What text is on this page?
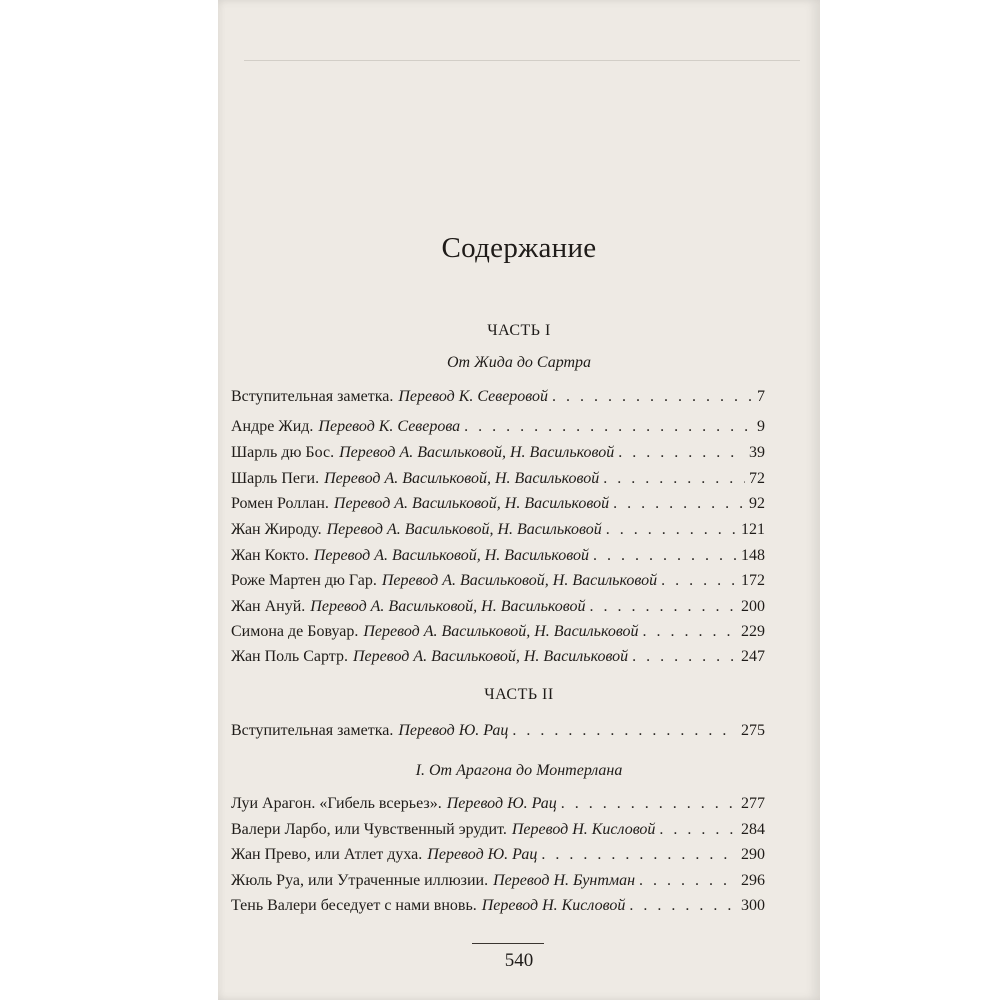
Содержание
ЧАСТЬ I
От Жида до Сартра
Вступительная заметка. Перевод К. Северовой . . .	7
Андре Жид. Перевод К. Северова . . .	9
Шарль дю Бос. Перевод А. Васильковой, Н. Васильковой . . .	39
Шарль Пеги. Перевод А. Васильковой, Н. Васильковой . . .	72
Ромен Роллан. Перевод А. Васильковой, Н. Васильковой . . .	92
Жан Жироду. Перевод А. Васильковой, Н. Васильковой . . .	121
Жан Кокто. Перевод А. Васильковой, Н. Васильковой . . .	148
Роже Мартен дю Гар. Перевод А. Васильковой, Н. Васильковой . . .	172
Жан Ануй. Перевод А. Васильковой, Н. Васильковой . . .	200
Симона де Бовуар. Перевод А. Васильковой, Н. Васильковой . . .	229
Жан Поль Сартр. Перевод А. Васильковой, Н. Васильковой . . .	247
ЧАСТЬ II
Вступительная заметка. Перевод Ю. Рац . . .	275
I. От Арагона до Монтерлана
Луи Арагон. «Гибель всерьез». Перевод Ю. Рац . . .	277
Валери Ларбо, или Чувственный эрудит. Перевод Н. Кисловой . . .	284
Жан Прево, или Атлет духа. Перевод Ю. Рац . . .	290
Жюль Руа, или Утраченные иллюзии. Перевод Н. Бунтман . . .	296
Тень Валери беседует с нами вновь. Перевод Н. Кисловой . . .	300
540
